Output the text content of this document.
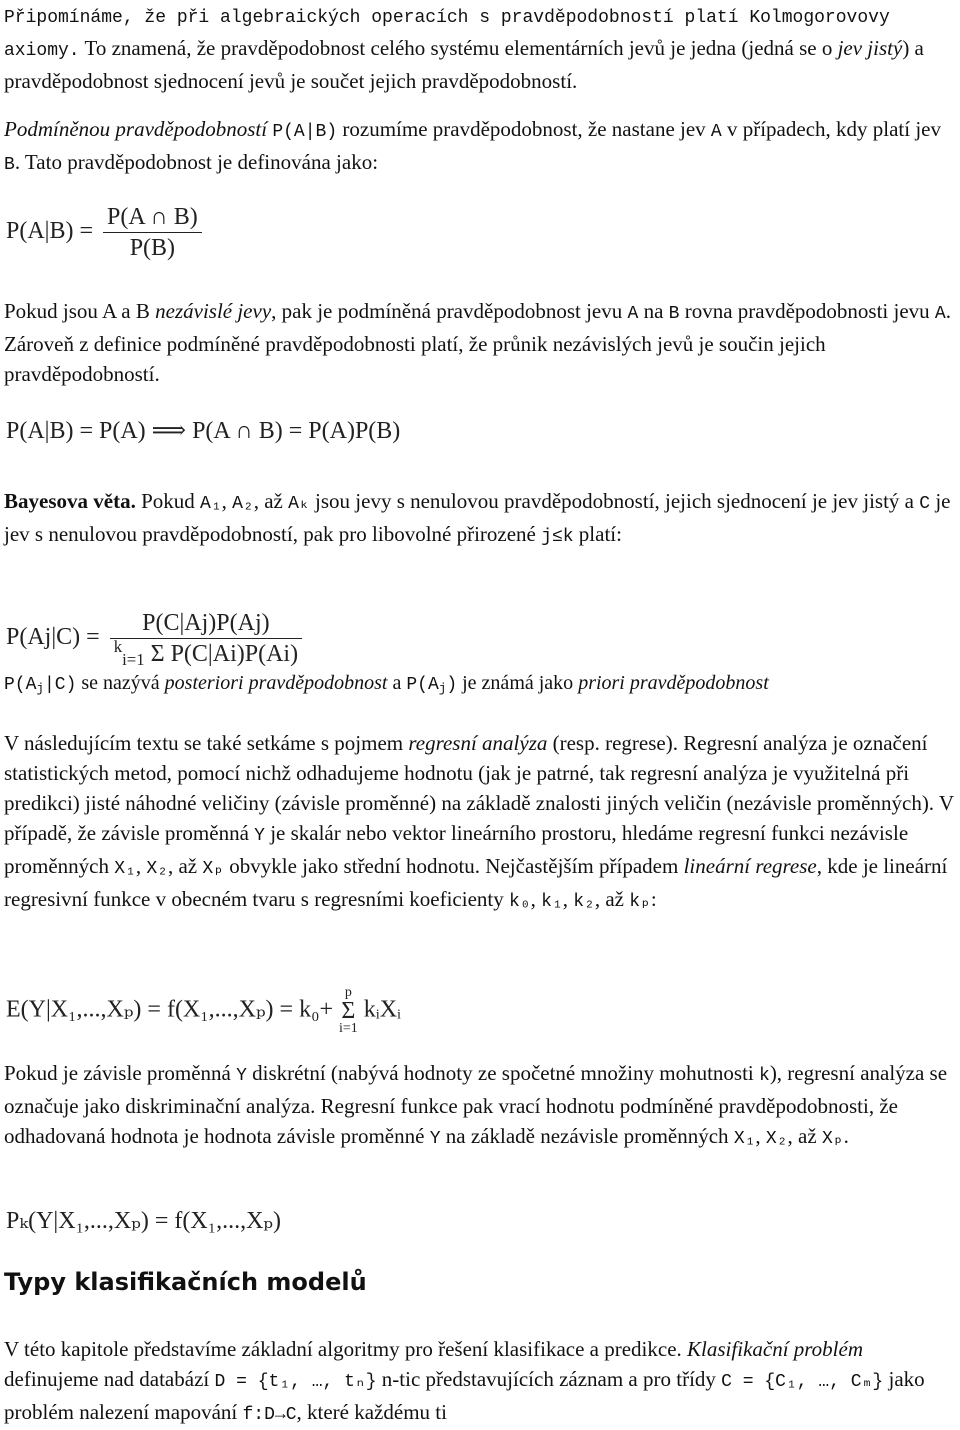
Připomínáme, že při algebraických operacích s pravděpodobností platí Kolmogorovovy axiomy. To znamená, že pravděpodobnost celého systému elementárních jevů je jedna (jedná se o jev jistý) a pravděpodobnost sjednocení jevů je součet jejich pravděpodobností.

Podmíněnou pravděpodobností P(A|B) rozumíme pravděpodobnost, že nastane jev A v případech, kdy platí jev B. Tato pravděpodobnost je definována jako:

$P(A|B) = \frac{P(A \cap B)}{P(B)}$

Pokud jsou A a B nezávislé jevy, pak je podmíněná pravděpodobnost jevu A na B rovna pravděpodobnosti jevu A. Zároveň z definice podmíněné pravděpodobnosti platí, že průnik nezávislých jevů je součin jejich pravděpodobností.

P(A|B) = P(A) ⟹ P(A ∩ B) = P(A)P(B)

Bayesova věta. Pokud A₁, A₂, až Aₖ jsou jevy s nenulovou pravděpodobností, jejich sjednocení je jev jistý a C je jev s nenulovou pravděpodobností, pak pro libovolné přirozené j≤k platí:

$P(Aj|C) = \frac{P(C|Aj)P(Aj)}{^k_{i=1} \Sigma P(C|Ai)P(Ai)}$

$P(A_j|C)$ se nazývá posteriori pravděpodobnost a $P(A_j)$ je známá jako priori pravděpodobnost

V následujícím textu se také setkáme s pojmem regresní analýza (resp. regrese). Regresní analýza je označení statistických metod, pomocí nichž odhadujeme hodnotu (jak je patrné, tak regresní analýza je využitelná při predikci) jisté náhodné veličiny (závisle proměnné) na základě znalosti jiných veličin (nezávisle proměnných). V případě, že závisle proměnná Y je skalár nebo vektor lineárního prostoru, hledáme regresní funkci nezávisle proměnných X₁, X₂, až Xₚ obvykle jako střední hodnotu. Nejčastějším případem lineární regrese, kde je lineární regresivní funkce v obecném tvaru s regresními koeficienty k₀, k₁, k₂, až kₚ:

E(Y|X₁,...,Xₚ) = f(X₁,...,Xₚ) = k₀+
p
Σ
i=1
kᵢXᵢ

Pokud je závisle proměnná Y diskrétní (nabývá hodnoty ze spočetné množiny mohutnosti k), regresní analýza se označuje jako diskriminační analýza. Regresní funkce pak vrací hodnotu podmíněné pravděpodobnosti, že odhadovaná hodnota je hodnota závisle proměnné Y na základě nezávisle proměnných X₁, X₂, až Xₚ.

Pₖ(Y|X₁,...,Xₚ) = f(X₁,...,Xₚ)
Typy klasifikačních modelů

V této kapitole představíme základní algoritmy pro řešení klasifikace a predikce. Klasifikační problém definujeme nad databází D = {t₁, …, tₙ} n-tic představujících záznam a pro třídy C = {C₁, …, Cₘ} jako problém nalezení mapování f:D→C, které každému ti
